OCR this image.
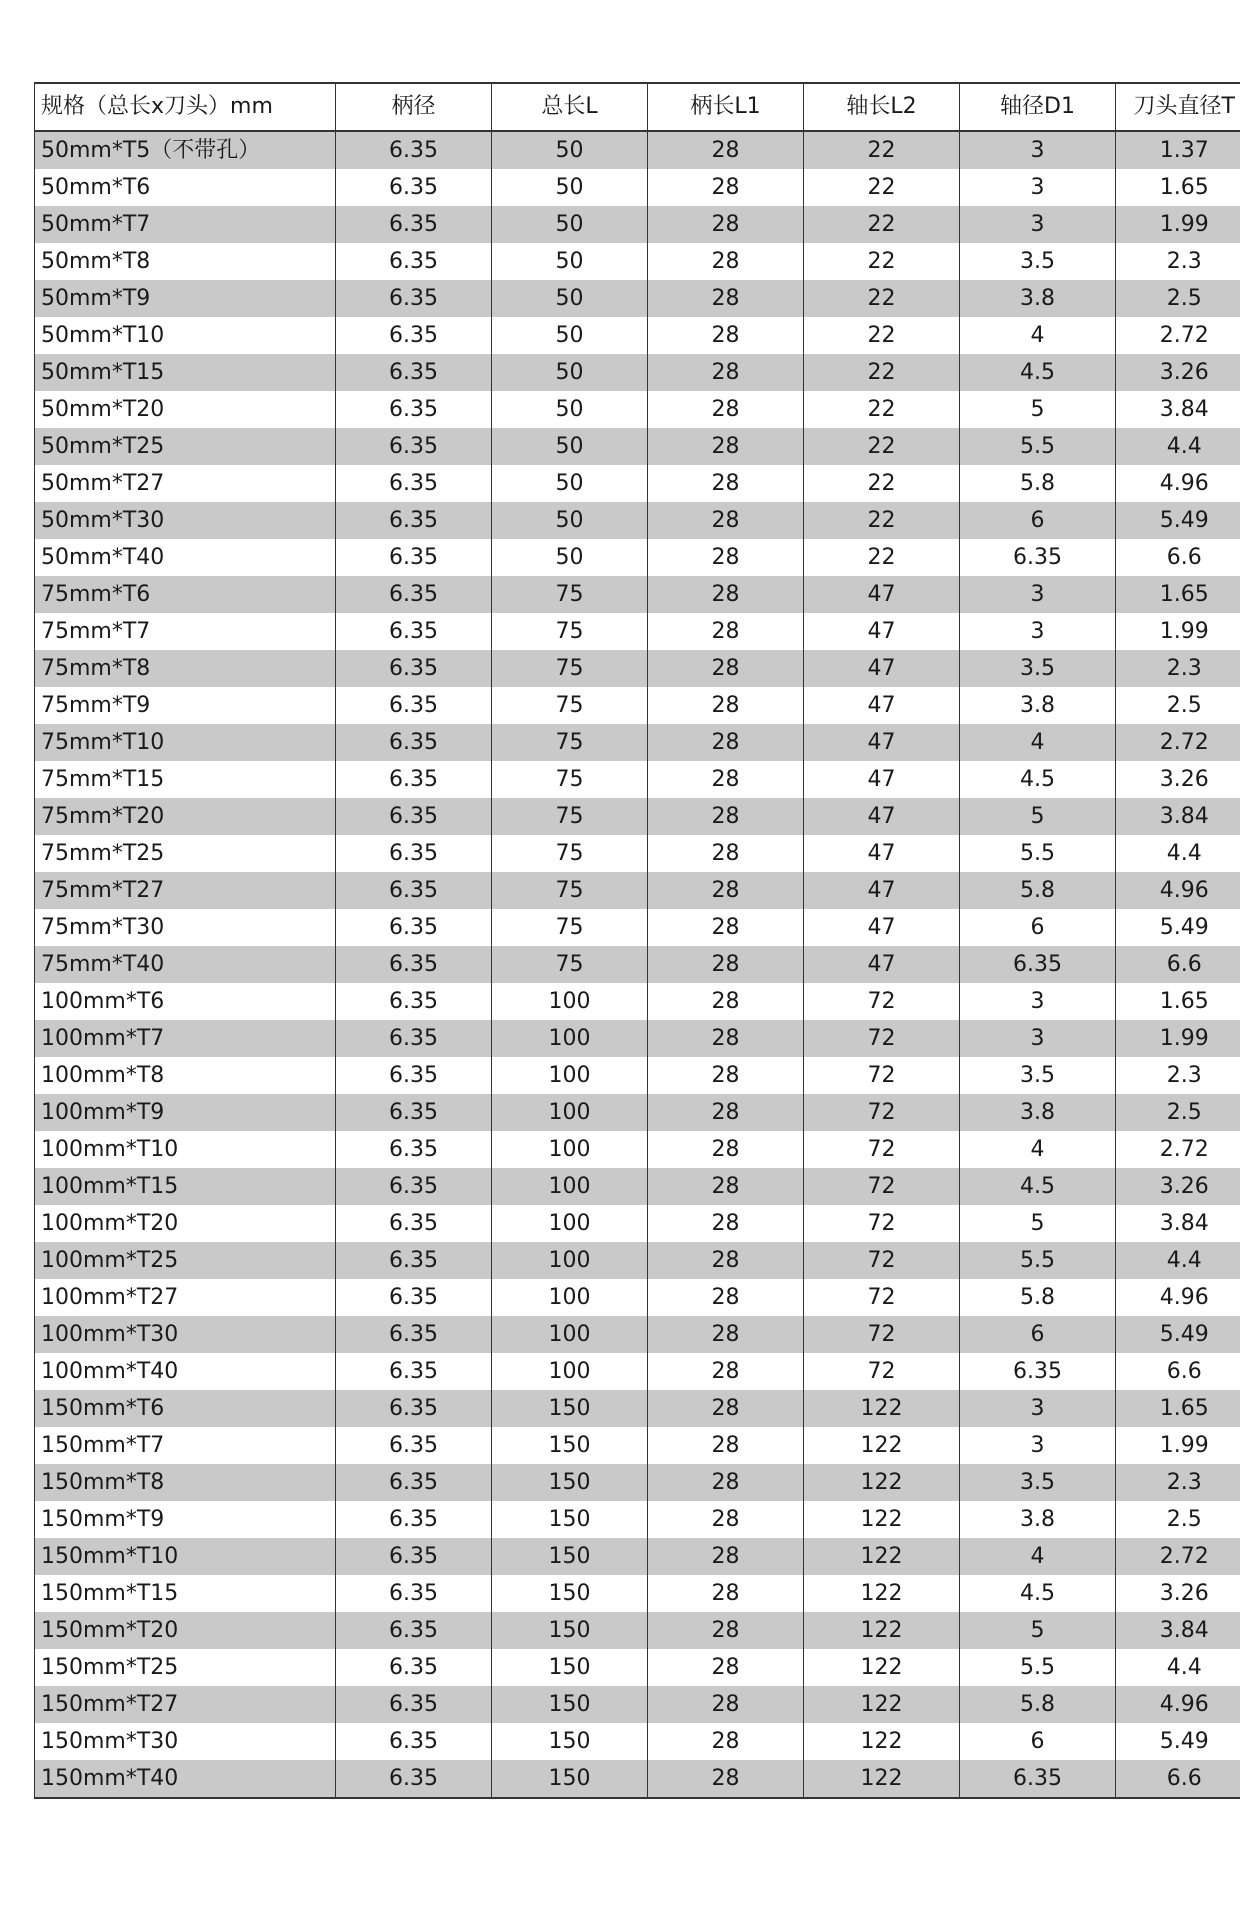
规格（总长x刀头）mm	柄径	总长L	柄长L1	轴长L2	轴径D1	刀头直径T
50mm*T5（不带孔）	6.35	50	28	22	3	1.37
50mm*T6	6.35	50	28	22	3	1.65
50mm*T7	6.35	50	28	22	3	1.99
50mm*T8	6.35	50	28	22	3.5	2.3
50mm*T9	6.35	50	28	22	3.8	2.5
50mm*T10	6.35	50	28	22	4	2.72
50mm*T15	6.35	50	28	22	4.5	3.26
50mm*T20	6.35	50	28	22	5	3.84
50mm*T25	6.35	50	28	22	5.5	4.4
50mm*T27	6.35	50	28	22	5.8	4.96
50mm*T30	6.35	50	28	22	6	5.49
50mm*T40	6.35	50	28	22	6.35	6.6
75mm*T6	6.35	75	28	47	3	1.65
75mm*T7	6.35	75	28	47	3	1.99
75mm*T8	6.35	75	28	47	3.5	2.3
75mm*T9	6.35	75	28	47	3.8	2.5
75mm*T10	6.35	75	28	47	4	2.72
75mm*T15	6.35	75	28	47	4.5	3.26
75mm*T20	6.35	75	28	47	5	3.84
75mm*T25	6.35	75	28	47	5.5	4.4
75mm*T27	6.35	75	28	47	5.8	4.96
75mm*T30	6.35	75	28	47	6	5.49
75mm*T40	6.35	75	28	47	6.35	6.6
100mm*T6	6.35	100	28	72	3	1.65
100mm*T7	6.35	100	28	72	3	1.99
100mm*T8	6.35	100	28	72	3.5	2.3
100mm*T9	6.35	100	28	72	3.8	2.5
100mm*T10	6.35	100	28	72	4	2.72
100mm*T15	6.35	100	28	72	4.5	3.26
100mm*T20	6.35	100	28	72	5	3.84
100mm*T25	6.35	100	28	72	5.5	4.4
100mm*T27	6.35	100	28	72	5.8	4.96
100mm*T30	6.35	100	28	72	6	5.49
100mm*T40	6.35	100	28	72	6.35	6.6
150mm*T6	6.35	150	28	122	3	1.65
150mm*T7	6.35	150	28	122	3	1.99
150mm*T8	6.35	150	28	122	3.5	2.3
150mm*T9	6.35	150	28	122	3.8	2.5
150mm*T10	6.35	150	28	122	4	2.72
150mm*T15	6.35	150	28	122	4.5	3.26
150mm*T20	6.35	150	28	122	5	3.84
150mm*T25	6.35	150	28	122	5.5	4.4
150mm*T27	6.35	150	28	122	5.8	4.96
150mm*T30	6.35	150	28	122	6	5.49
150mm*T40	6.35	150	28	122	6.35	6.6
